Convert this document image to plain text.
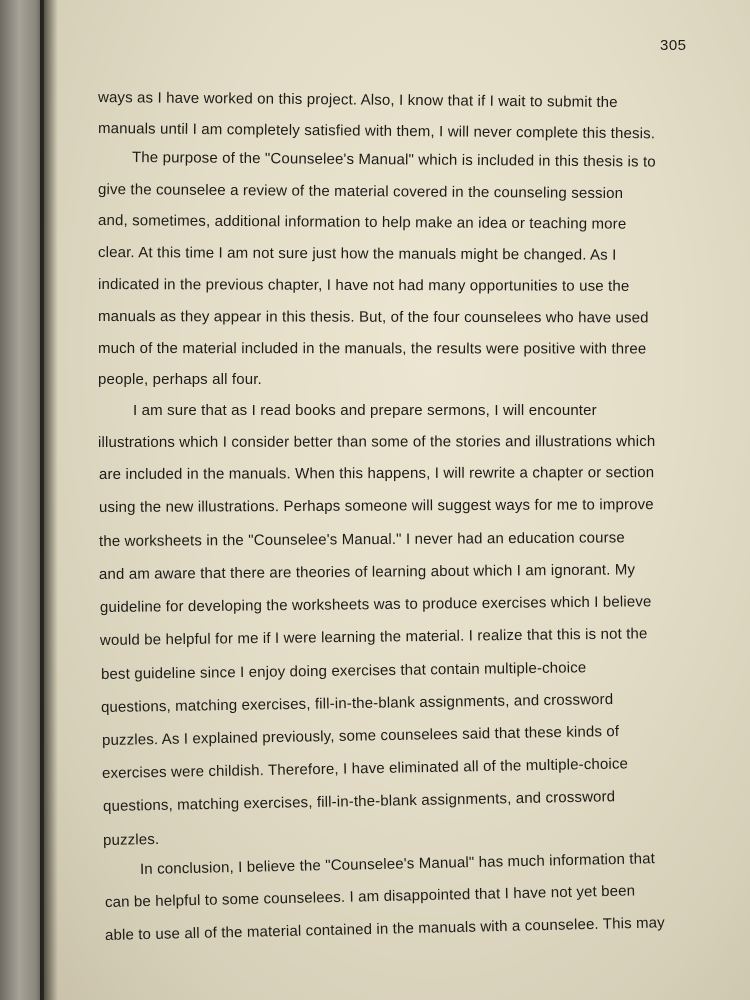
305
ways as I have worked on this project. Also, I know that if I wait to submit the
manuals until I am completely satisfied with them, I will never complete this thesis.
The purpose of the "Counselee's Manual" which is included in this thesis is to
give the counselee a review of the material covered in the counseling session
and, sometimes, additional information to help make an idea or teaching more
clear. At this time I am not sure just how the manuals might be changed. As I
indicated in the previous chapter, I have not had many opportunities to use the
manuals as they appear in this thesis. But, of the four counselees who have used
much of the material included in the manuals, the results were positive with three
people, perhaps all four.
I am sure that as I read books and prepare sermons, I will encounter
illustrations which I consider better than some of the stories and illustrations which
are included in the manuals. When this happens, I will rewrite a chapter or section
using the new illustrations. Perhaps someone will suggest ways for me to improve
the worksheets in the "Counselee's Manual." I never had an education course
and am aware that there are theories of learning about which I am ignorant. My
guideline for developing the worksheets was to produce exercises which I believe
would be helpful for me if I were learning the material. I realize that this is not the
best guideline since I enjoy doing exercises that contain multiple-choice
questions, matching exercises, fill-in-the-blank assignments, and crossword
puzzles. As I explained previously, some counselees said that these kinds of
exercises were childish. Therefore, I have eliminated all of the multiple-choice
questions, matching exercises, fill-in-the-blank assignments, and crossword
puzzles.
In conclusion, I believe the "Counselee's Manual" has much information that
can be helpful to some counselees. I am disappointed that I have not yet been
able to use all of the material contained in the manuals with a counselee. This may
